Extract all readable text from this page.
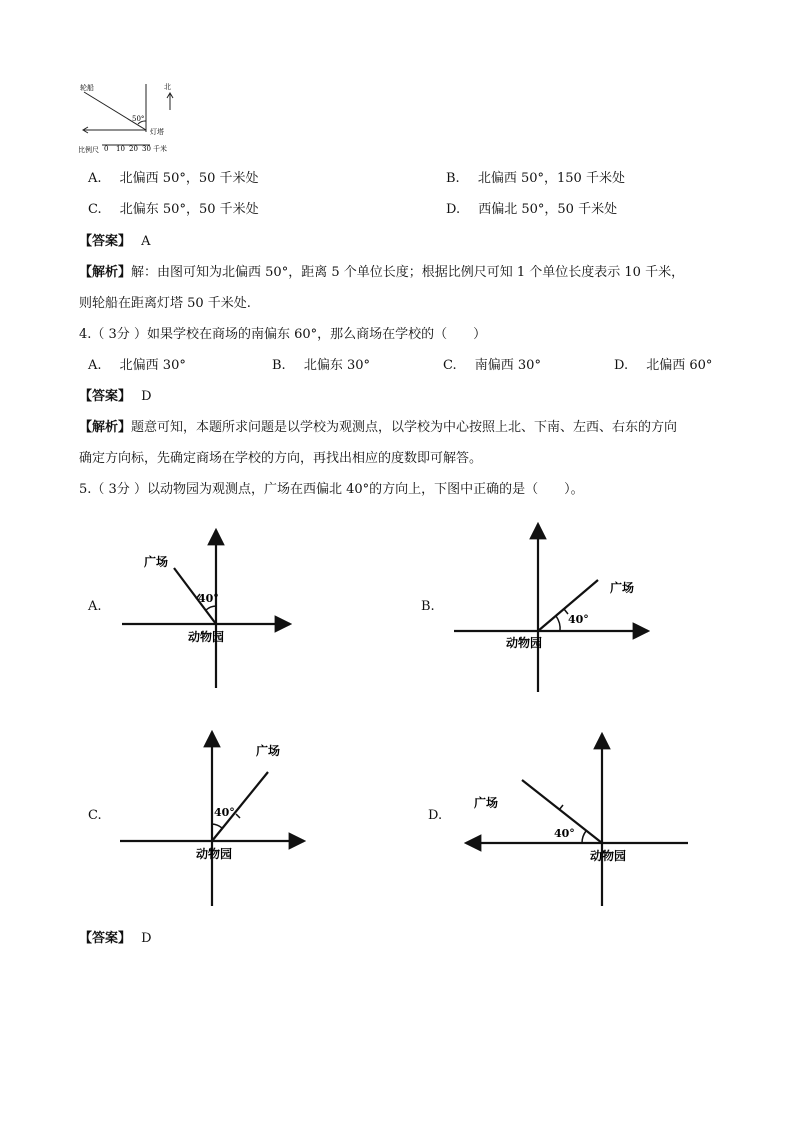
轮船	北
50°
灯塔
比例尺 0 10 20 30 千米
A. 北偏西 50°，50 千米处	B. 北偏西 50°，150 千米处
C. 北偏东 50°，50 千米处	D. 西偏北 50°，50 千米处
【答案】 A
【解析】解：由图可知为北偏西 50°，距离 5 个单位长度；根据比例尺可知 1 个单位长度表示 10 千米，
则轮船在距离灯塔 50 千米处.
4.（ 3分 ）如果学校在商场的南偏东 60°，那么商场在学校的（　　）
A. 北偏西 30°	B. 北偏东 30°	C. 南偏西 30°	D. 北偏西 60°
【答案】 D
【解析】题意可知，本题所求问题是以学校为观测点，以学校为中心按照上北、下南、左西、右东的方向
确定方向标，先确定商场在学校的方向，再找出相应的度数即可解答。
5.（ 3分 ）以动物园为观测点，广场在西偏北 40°的方向上，下图中正确的是（　　）。
A.
广场
40°
动物园
B.
广场
40°
动物园
C.
广场
40°
动物园
D.
广场
40°
动物园
【答案】 D
